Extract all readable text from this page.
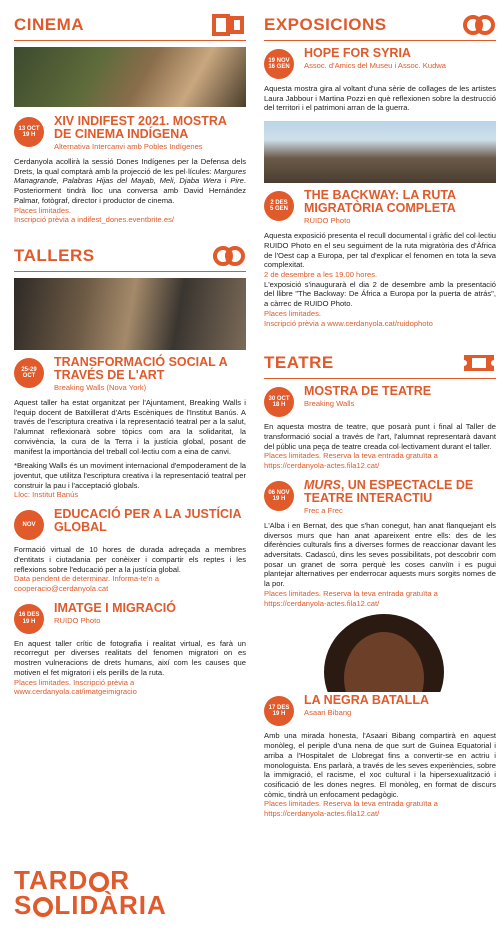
CINEMA
13 OCT
19 H
XIV INDIFEST 2021. MOSTRA DE CINEMA INDÍGENA
Alternativa Intercanvi amb Pobles Indígenes
Cerdanyola acollirà la sessió Dones Indígenes per la Defensa dels Drets, la qual comptarà amb la projecció de les pel·lícules: Margures Managrande, Palabras Hijas del Mayab, Meli, Djaba Wera i Pire. Posteriorment tindrà lloc una conversa amb David Hernández Palmar, fotògraf, director i productor de cinema.
Places limitades.
Inscripció prèvia a indifest_dones.eventbrite.es/
TALLERS
25-29
OCT
TRANSFORMACIÓ SOCIAL A TRAVÉS DE L'ART
Breaking Walls (Nova York)
Aquest taller ha estat organitzat per l'Ajuntament, Breaking Walls i l'equip docent de Batxillerat d'Arts Escèniques de l'Institut Banús. A través de l'escriptura creativa i la representació teatral per a la salut, l'alumnat reflexionarà sobre tòpics com ara la solidaritat, la convivència, la cura de la Terra i la justícia global, posant de manifest la importància del treball col·lectiu com a eina de canvi.
*Breaking Walls és un moviment internacional d'empoderament de la joventut, que utilitza l'escriptura creativa i la representació teatral per construir la pau i l'acceptació globals.
Lloc: Institut Banús
NOV
EDUCACIÓ PER A LA JUSTÍCIA GLOBAL
Formació virtual de 10 hores de durada adreçada a membres d'entitats i ciutadania per conèixer i compartir els reptes i les reflexions sobre l'educació per a la justícia global.
Data pendent de determinar. Informa-te'n a
cooperacio@cerdanyola.cat
16 DES
19 H
IMATGE I MIGRACIÓ
RUIDO Photo
En aquest taller crític de fotografia i realitat virtual, es farà un recorregut per diverses realitats del fenomen migratori on es mostren vulneracions de drets humans, així com les causes que motiven el fet migratori i els perills de la ruta.
Places limitades. Inscripció prèvia a
www.cerdanyola.cat/imatgeimigracio
TARD R
S LIDÀRIA
EXPOSICIONS
19 NOV
16 GEN
HOPE FOR SYRIA
Assoc. d'Amics del Museu i Assoc. Kudwa
Aquesta mostra gira al voltant d'una sèrie de collages de les artistes Laura Jabbour i Martina Pozzi en què reflexionen sobre la destrucció del territori i el patrimoni arran de la guerra.
2 DES
5 GEN
THE BACKWAY: LA RUTA MIGRATÒRIA COMPLETA
RUIDO Photo
Aquesta exposició presenta el recull documental i gràfic del col·lectiu RUIDO Photo en el seu seguiment de la ruta migratòria des d'Àfrica de l'Oest cap a Europa, per tal d'explicar el fenomen en tota la seva complexitat.
2 de desembre a les 19.00 hores.
L'exposició s'inaugurarà el dia 2 de desembre amb la presentació del llibre "The Backway: De África a Europa por la puerta de atrás", a càrrec de RUIDO Photo.
Places limitades.
Inscripció prèvia a www.cerdanyola.cat/ruidophoto
TEATRE
30 OCT
18 H
MOSTRA DE TEATRE
Breaking Walls
En aquesta mostra de teatre, que posarà punt i final al Taller de transformació social a través de l'art, l'alumnat representarà davant del públic una peça de teatre creada col·lectivament durant el taller.
Places limitades. Reserva la teva entrada gratuïta a
https://cerdanyola-actes.fila12.cat/
06 NOV
19 H
MURS, UN ESPECTACLE DE TEATRE INTERACTIU
Frec a Frec
L'Alba i en Bernat, des que s'han conegut, han anat flanquejant els diversos murs que han anat apareixent entre ells: des de les diferències culturals fins a diverses formes de reaccionar davant les adversitats. Cadascú, dins les seves possibilitats, pot descobrir com posar un granet de sorra perquè les coses canviïn i es pugui plantejar alternatives per enderrocar aquests murs sorgits nomes de la por.
Places limitades. Reserva la teva entrada gratuïta a
https://cerdanyola-actes.fila12.cat/
17 DES
19 H
LA NEGRA BATALLA
Asaari Bibang
Amb una mirada honesta, l'Asaari Bibang compartirà en aquest monòleg, el periple d'una nena de que surt de Guinea Equatorial i arriba a l'Hospitalet de Llobregat fins a convertir-se en actriu i monologuista. Ens parlarà, a través de les seves experiències, sobre la immigració, el racisme, el xoc cultural i la hipersexualització i cosificació de les dones negres. El monòleg, en format de discurs còmic, tindrà un enfocament pedagògic.
Places limitades. Reserva la teva entrada gratuïta a
https://cerdanyola-actes.fila12.cat/
